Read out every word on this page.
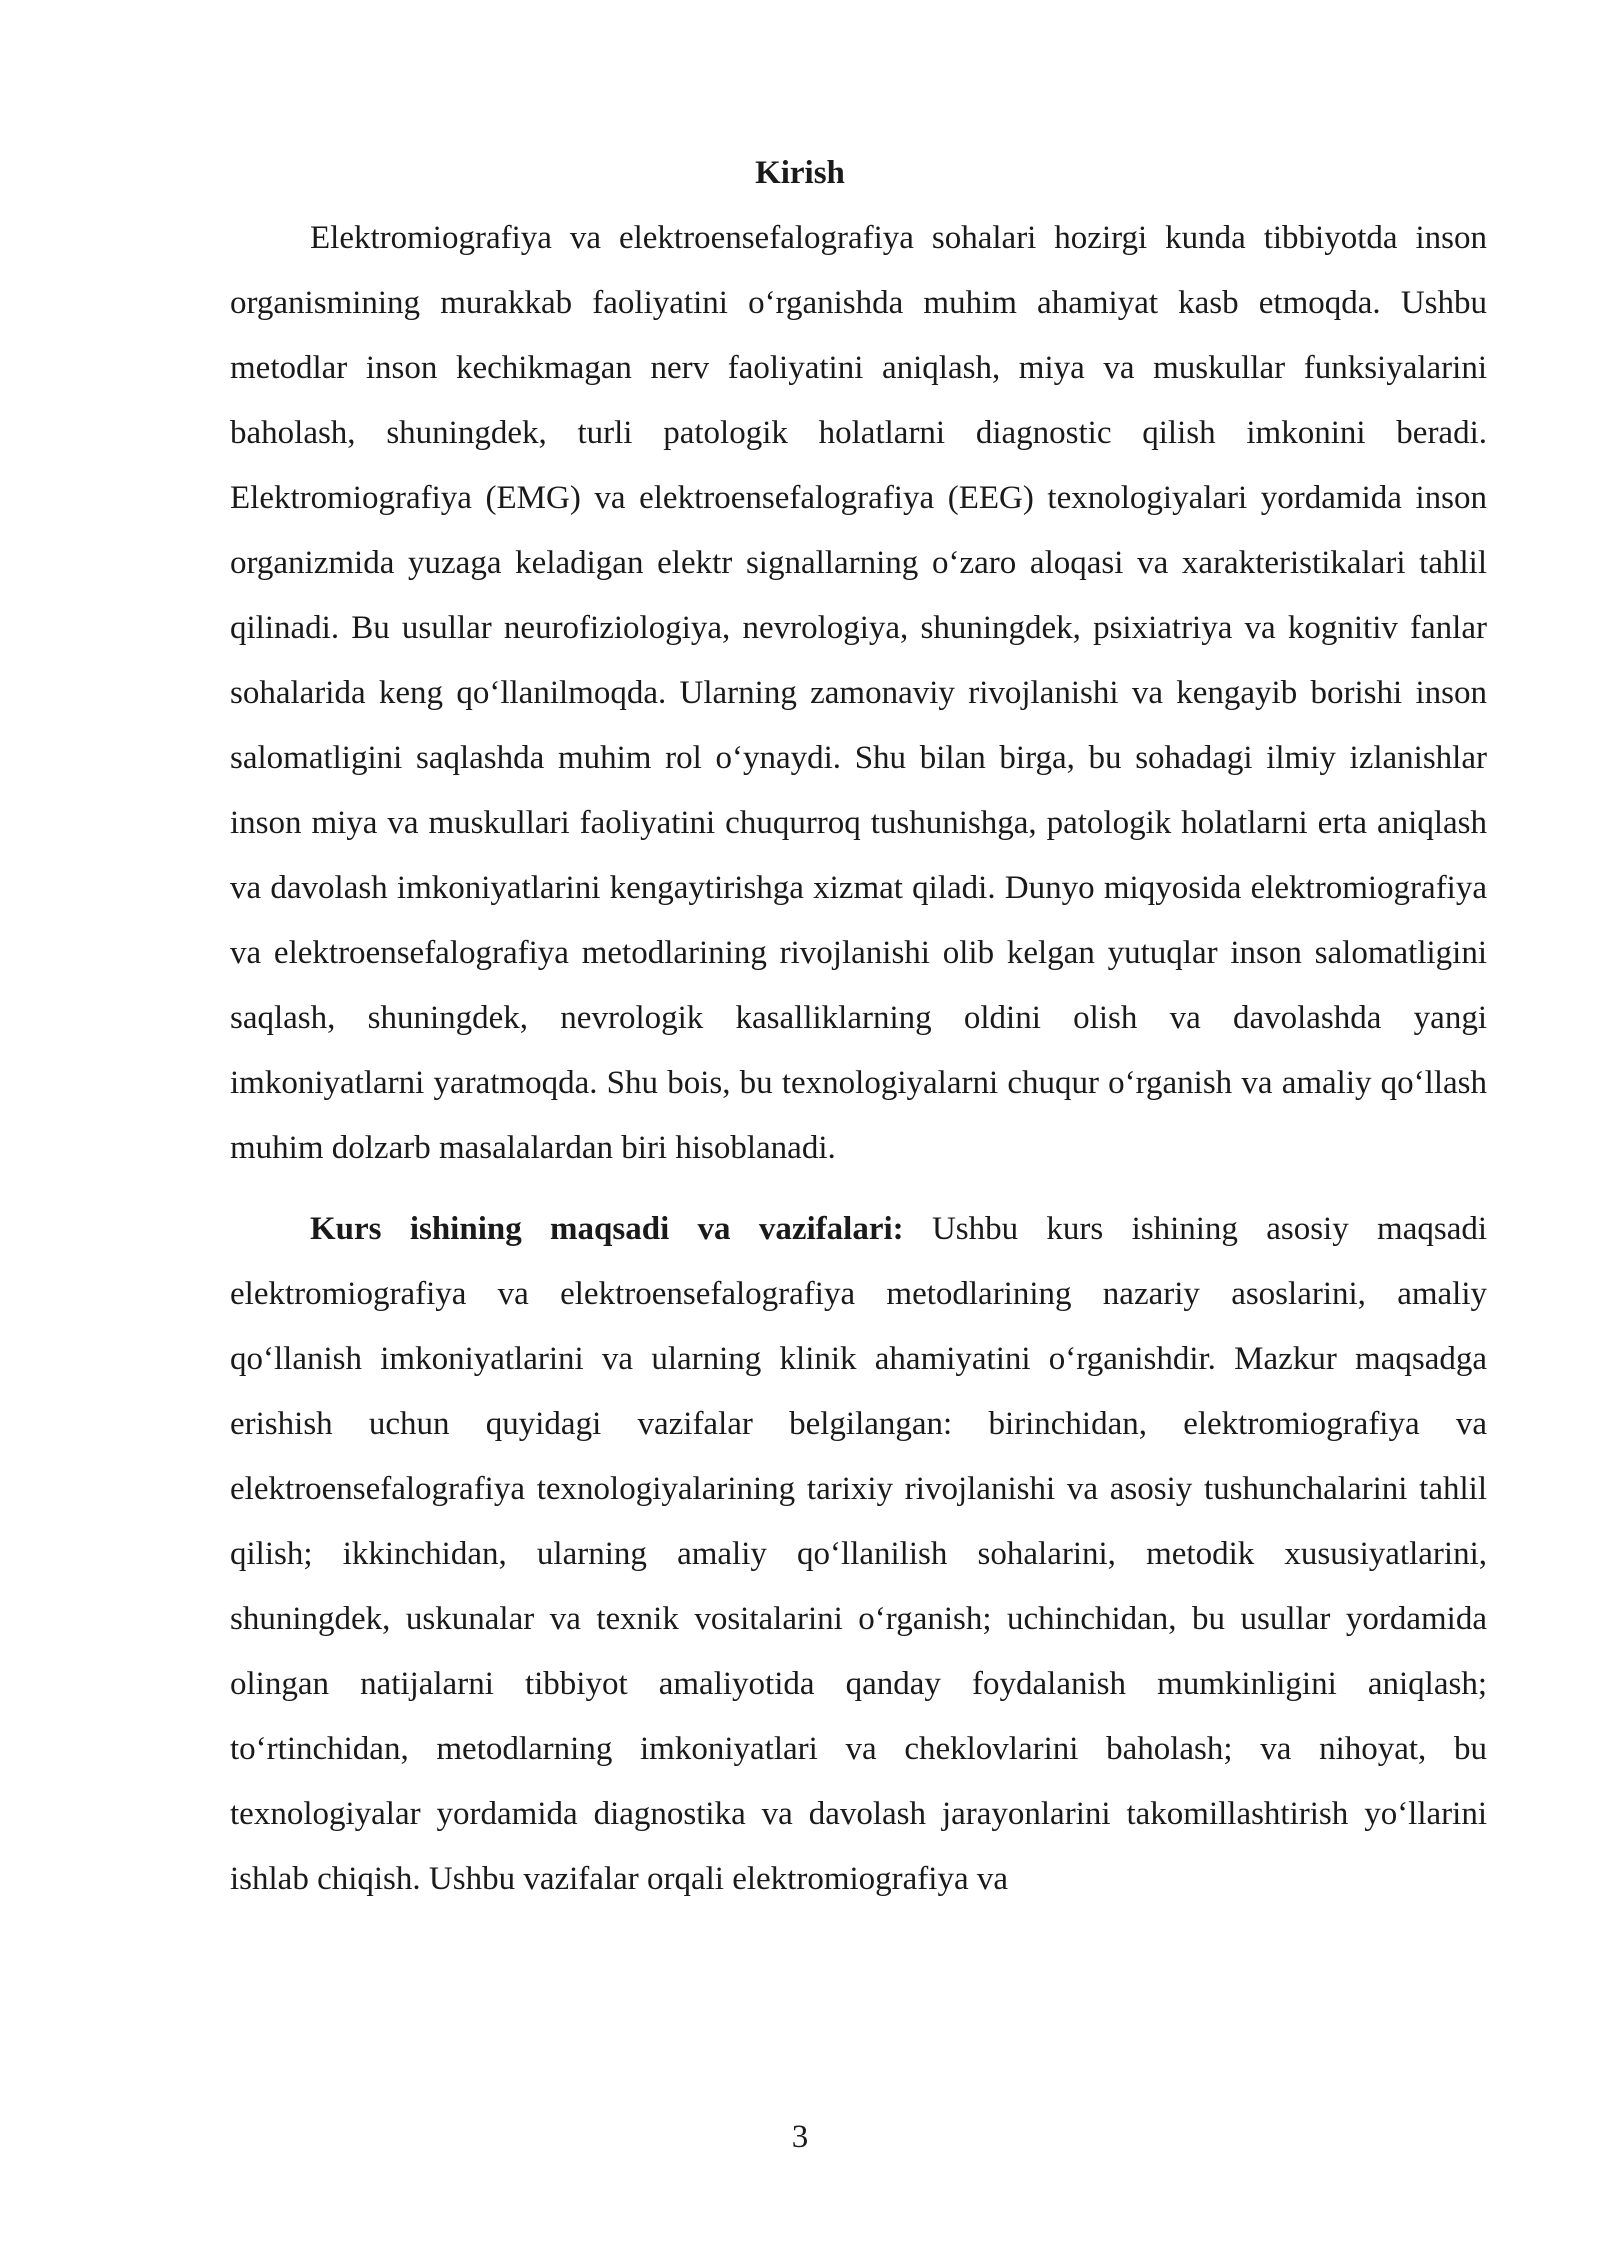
Kirish

Elektromiografiya va elektroensefalografiya sohalari hozirgi kunda tibbiyotda inson organismining murakkab faoliyatini o‘rganishda muhim ahamiyat kasb etmoqda. Ushbu metodlar inson kechikmagan nerv faoliyatini aniqlash, miya va muskullar funksiyalarini baholash, shuningdek, turli patologik holatlarni diagnostic qilish imkonini beradi. Elektromiografiya (EMG) va elektroensefalografiya (EEG) texnologiyalari yordamida inson organizmida yuzaga keladigan elektr signallarning o‘zaro aloqasi va xarakteristikalari tahlil qilinadi. Bu usullar neurofiziologiya, nevrologiya, shuningdek, psixiatriya va kognitiv fanlar sohalarida keng qo‘llanilmoqda. Ularning zamonaviy rivojlanishi va kengayib borishi inson salomatligini saqlashda muhim rol o‘ynaydi. Shu bilan birga, bu sohadagi ilmiy izlanishlar inson miya va muskullari faoliyatini chuqurroq tushunishga, patologik holatlarni erta aniqlash va davolash imkoniyatlarini kengaytirishga xizmat qiladi. Dunyo miqyosida elektromiografiya va elektroensefalografiya metodlarining rivojlanishi olib kelgan yutuqlar inson salomatligini saqlash, shuningdek, nevrologik kasalliklarning oldini olish va davolashda yangi imkoniyatlarni yaratmoqda. Shu bois, bu texnologiyalarni chuqur o‘rganish va amaliy qo‘llash muhim dolzarb masalalardan biri hisoblanadi.

Kurs ishining maqsadi va vazifalari: Ushbu kurs ishining asosiy maqsadi elektromiografiya va elektroensefalografiya metodlarining nazariy asoslarini, amaliy qo‘llanish imkoniyatlarini va ularning klinik ahamiyatini o‘rganishdir. Mazkur maqsadga erishish uchun quyidagi vazifalar belgilangan: birinchidan, elektromiografiya va elektroensefalografiya texnologiyalarining tarixiy rivojlanishi va asosiy tushunchalarini tahlil qilish; ikkinchidan, ularning amaliy qo‘llanilish sohalarini, metodik xususiyatlarini, shuningdek, uskunalar va texnik vositalarini o‘rganish; uchinchidan, bu usullar yordamida olingan natijalarni tibbiyot amaliyotida qanday foydalanish mumkinligini aniqlash; to‘rtinchidan, metodlarning imkoniyatlari va cheklovlarini baholash; va nihoyat, bu texnologiyalar yordamida diagnostika va davolash jarayonlarini takomillashtirish yo‘llarini ishlab chiqish. Ushbu vazifalar orqali elektromiografiya va

3
